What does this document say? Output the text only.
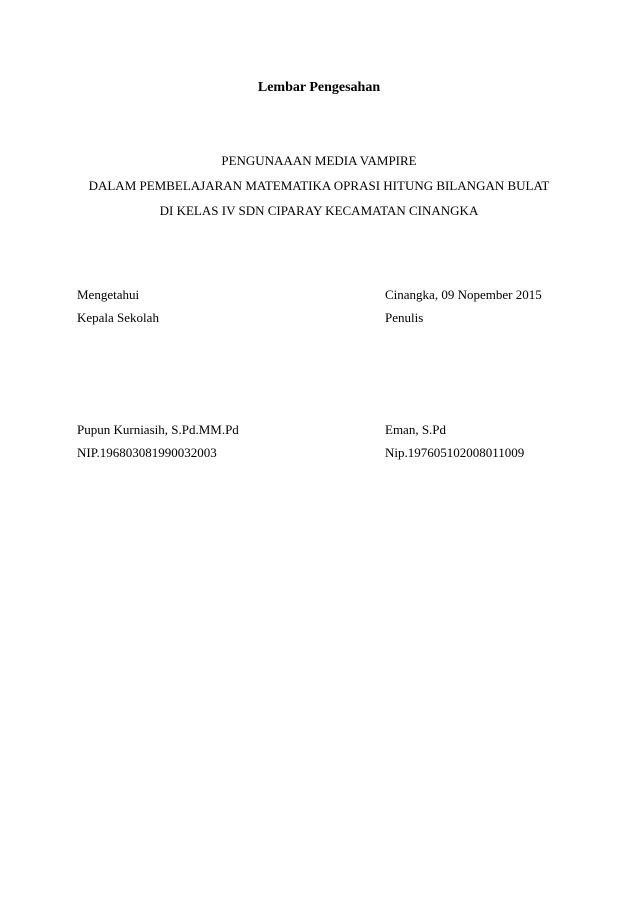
Lembar Pengesahan
PENGUNAAAN MEDIA VAMPIRE
DALAM PEMBELAJARAN MATEMATIKA OPRASI HITUNG BILANGAN BULAT
DI KELAS IV SDN CIPARAY KECAMATAN CINANGKA
Mengetahui
Kepala Sekolah
Pupun Kurniasih, S.Pd.MM.Pd
NIP.196803081990032003
Cinangka, 09 Nopember 2015
Penulis
Eman, S.Pd
Nip.197605102008011009
